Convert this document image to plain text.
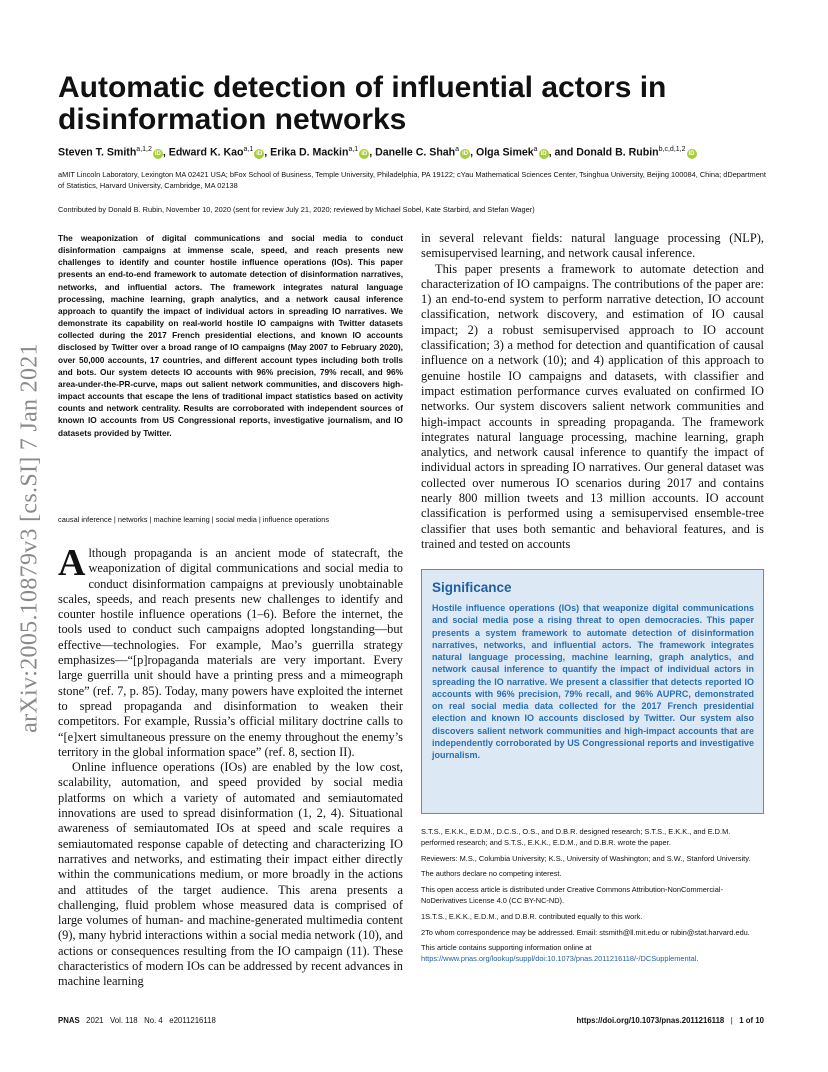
arXiv:2005.10879v3 [cs.SI] 7 Jan 2021
Automatic detection of influential actors in disinformation networks
Steven T. Smith$^{a,1,2}$iD , Edward K. Kao$^{a,1}$iD , Erika D. Mackin$^{a,1}$iD , Danelle C. Shah$^a$iD , Olga Simek$^a$iD , and Donald B. Rubin$^{b,c,d,1,2}$iD
aMIT Lincoln Laboratory, Lexington MA 02421 USA; bFox School of Business, Temple University, Philadelphia, PA 19122; cYau Mathematical Sciences Center, Tsinghua University, Beijing 100084, China; dDepartment of Statistics, Harvard University, Cambridge, MA 02138
Contributed by Donald B. Rubin, November 10, 2020 (sent for review July 21, 2020; reviewed by Michael Sobel, Kate Starbird, and Stefan Wager)
The weaponization of digital communications and social media to conduct disinformation campaigns at immense scale, speed, and reach presents new challenges to identify and counter hostile influence operations (IOs). This paper presents an end-to-end framework to automate detection of disinformation narratives, networks, and influential actors. The framework integrates natural language processing, machine learning, graph analytics, and a network causal inference approach to quantify the impact of individual actors in spreading IO narratives. We demonstrate its capability on real-world hostile IO campaigns with Twitter datasets collected during the 2017 French presidential elections, and known IO accounts disclosed by Twitter over a broad range of IO campaigns (May 2007 to February 2020), over 50,000 accounts, 17 countries, and different account types including both trolls and bots. Our system detects IO accounts with 96% precision, 79% recall, and 96% area-under-the-PR-curve, maps out salient network communities, and discovers high-impact accounts that escape the lens of traditional impact statistics based on activity counts and network centrality. Results are corroborated with independent sources of known IO accounts from US Congressional reports, investigative journalism, and IO datasets provided by Twitter.
causal inference | networks | machine learning | social media | influence operations

Although propaganda is an ancient mode of statecraft, the weaponization of digital communications and social media to conduct disinformation campaigns at previously unobtainable scales, speeds, and reach presents new challenges to identify and counter hostile influence operations (1–6). Before the internet, the tools used to conduct such campaigns adopted longstanding—but effective—technologies. For example, Mao’s guerrilla strategy emphasizes—“[p]ropaganda materials are very important. Every large guerrilla unit should have a printing press and a mimeograph stone” (ref. 7, p. 85). Today, many powers have exploited the internet to spread propaganda and disinformation to weaken their competitors. For example, Russia’s official military doctrine calls to “[e]xert simultaneous pressure on the enemy throughout the enemy’s territory in the global information space” (ref. 8, section II).

Online influence operations (IOs) are enabled by the low cost, scalability, automation, and speed provided by social media platforms on which a variety of automated and semiautomated innovations are used to spread disinformation (1, 2, 4). Situational awareness of semiautomated IOs at speed and scale requires a semiautomated response capable of detecting and characterizing IO narratives and networks, and estimating their impact either directly within the communications medium, or more broadly in the actions and attitudes of the target audience. This arena presents a challenging, fluid problem whose measured data is comprised of large volumes of human- and machine-generated multimedia content (9), many hybrid interactions within a social media network (10), and actions or consequences resulting from the IO campaign (11). These characteristics of modern IOs can be addressed by recent advances in machine learning

in several relevant fields: natural language processing (NLP), semisupervised learning, and network causal inference.

This paper presents a framework to automate detection and characterization of IO campaigns. The contributions of the paper are: 1) an end-to-end system to perform narrative detection, IO account classification, network discovery, and estimation of IO causal impact; 2) a robust semisupervised approach to IO account classification; 3) a method for detection and quantification of causal influence on a network (10); and 4) application of this approach to genuine hostile IO campaigns and datasets, with classifier and impact estimation performance curves evaluated on confirmed IO networks. Our system discovers salient network communities and high-impact accounts in spreading propaganda. The framework integrates natural language processing, machine learning, graph analytics, and network causal inference to quantify the impact of individual actors in spreading IO narratives. Our general dataset was collected over numerous IO scenarios during 2017 and contains nearly 800 million tweets and 13 million accounts. IO account classification is performed using a semisupervised ensemble-tree classifier that uses both semantic and behavioral features, and is trained and tested on accounts

Significance
Hostile influence operations (IOs) that weaponize digital communications and social media pose a rising threat to open democracies. This paper presents a system framework to automate detection of disinformation narratives, networks, and influential actors. The framework integrates natural language processing, machine learning, graph analytics, and network causal inference to quantify the impact of individual actors in spreading the IO narrative. We present a classifier that detects reported IO accounts with 96% precision, 79% recall, and 96% AUPRC, demonstrated on real social media data collected for the 2017 French presidential election and known IO accounts disclosed by Twitter. Our system also discovers salient network communities and high-impact accounts that are independently corroborated by US Congressional reports and investigative journalism.

S.T.S., E.K.K., E.D.M., D.C.S., O.S., and D.B.R. designed research; S.T.S., E.K.K., and E.D.M. performed research; and S.T.S., E.K.K., E.D.M., and D.B.R. wrote the paper.

Reviewers: M.S., Columbia University; K.S., University of Washington; and S.W., Stanford University.

The authors declare no competing interest.

This open access article is distributed under Creative Commons Attribution-NonCommercial-NoDerivatives License 4.0 (CC BY-NC-ND).

1S.T.S., E.K.K., E.D.M., and D.B.R. contributed equally to this work.

2To whom correspondence may be addressed. Email: stsmith@ll.mit.edu or rubin@stat.harvard.edu.

This article contains supporting information online at https://www.pnas.org/lookup/suppl/doi:10.1073/pnas.2011216118/-/DCSupplemental.

PNAS 2021   Vol. 118   No. 4   e2011216118	https://doi.org/10.1073/pnas.2011216118   |   1 of 10
